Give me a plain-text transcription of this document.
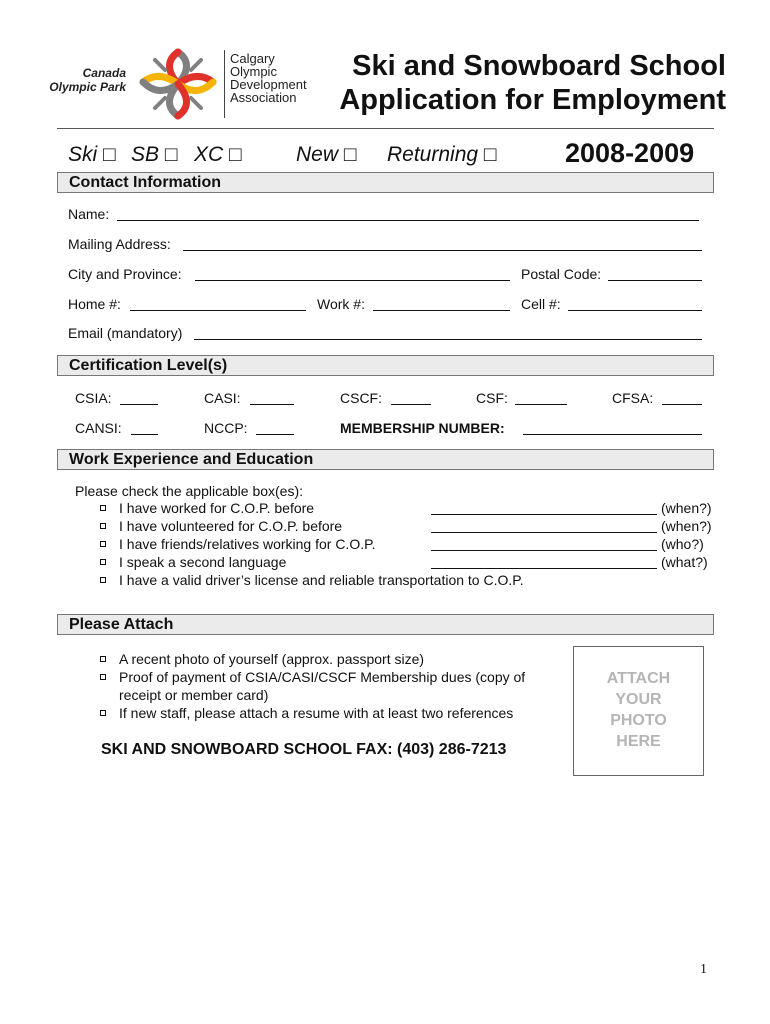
Canada
Olympic Park
Calgary
Olympic
Development
Association
Ski and Snowboard School
Application for Employment
Ski □ SB □ XC □	New □ Returning □	2008-2009
Contact Information
Name:
Mailing Address:
City and Province:	Postal Code:
Home #:	Work #:	Cell #:
Email (mandatory)
Certification Level(s)
CSIA:	CASI:	CSCF:	CSF:	CFSA:
CANSI:	NCCP:	MEMBERSHIP NUMBER:
Work Experience and Education
Please check the applicable box(es):
I have worked for C.O.P. before	(when?)
I have volunteered for C.O.P. before	(when?)
I have friends/relatives working for C.O.P.	(who?)
I speak a second language	(what?)
I have a valid driver’s license and reliable transportation to C.O.P.
Please Attach
A recent photo of yourself (approx. passport size)
Proof of payment of CSIA/CASI/CSCF Membership dues (copy of
receipt or member card)
If new staff, please attach a resume with at least two references
SKI AND SNOWBOARD SCHOOL FAX: (403) 286-7213
ATTACH
YOUR
PHOTO
HERE
1
